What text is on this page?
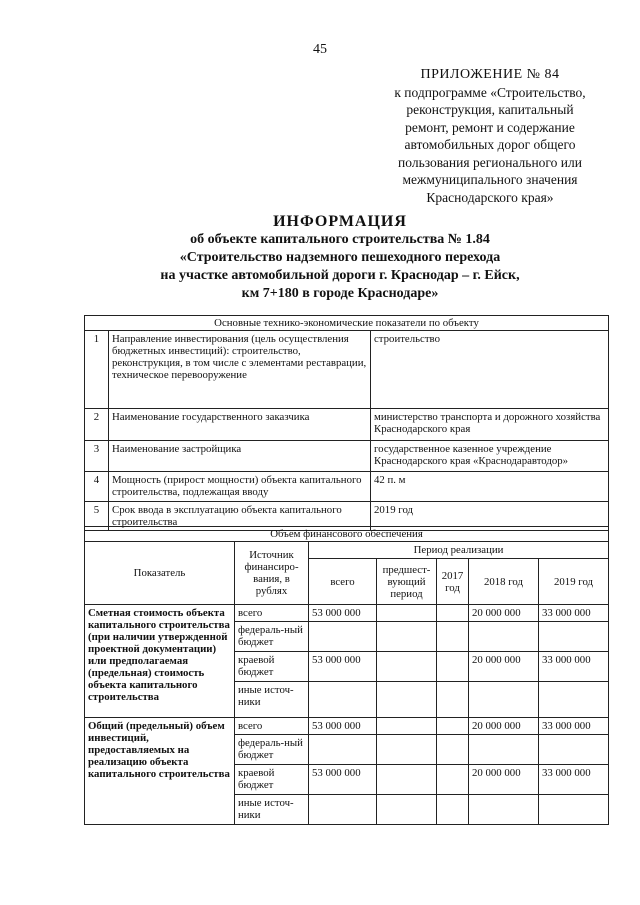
45
ПРИЛОЖЕНИЕ № 84
к подпрограмме «Строительство,
реконструкция, капитальный
ремонт, ремонт и содержание
автомобильных дорог общего
пользования регионального или
межмуниципального значения
Краснодарского края»
ИНФОРМАЦИЯ
об объекте капитального строительства № 1.84
«Строительство надземного пешеходного перехода
на участке автомобильной дороги г. Краснодар – г. Ейск,
км 7+180 в городе Краснодаре»
Основные технико-экономические показатели по объекту		
1	Направление инвестирования (цель осуществления бюджетных инвестиций): строительство, реконструкция, в том числе с элементами реставрации, техническое перевооружение	строительство
2	Наименование государственного заказчика	министерство транспорта и дорожного хозяйства Краснодарского края
3	Наименование застройщика	государственное казенное учреждение Краснодарского края «Краснодаравтодор»
4	Мощность (прирост мощности) объекта капитального строительства, подлежащая вводу	42 п. м
5	Срок ввода в эксплуатацию объекта капитального строительства	2019 год
Объем финансового обеспечения						
Показатель	Источник финансиро-вания, в рублях	Период реализации				
		всего	предшест-вующий период	2017 год	2018 год	2019 год
Сметная стоимость объекта капитального строительства (при наличии утвержденной проектной документации) или предполагаемая (предельная) стоимость объекта капитального строительства	всего	53 000 000			20 000 000	33 000 000
	федераль-ный бюджет					
	краевой бюджет	53 000 000			20 000 000	33 000 000
	иные источ-ники					
Общий (предельный) объем инвестиций, предоставляемых на реализацию объекта капитального строительства	всего	53 000 000			20 000 000	33 000 000
	федераль-ный бюджет					
	краевой бюджет	53 000 000			20 000 000	33 000 000
	иные источ-ники					
